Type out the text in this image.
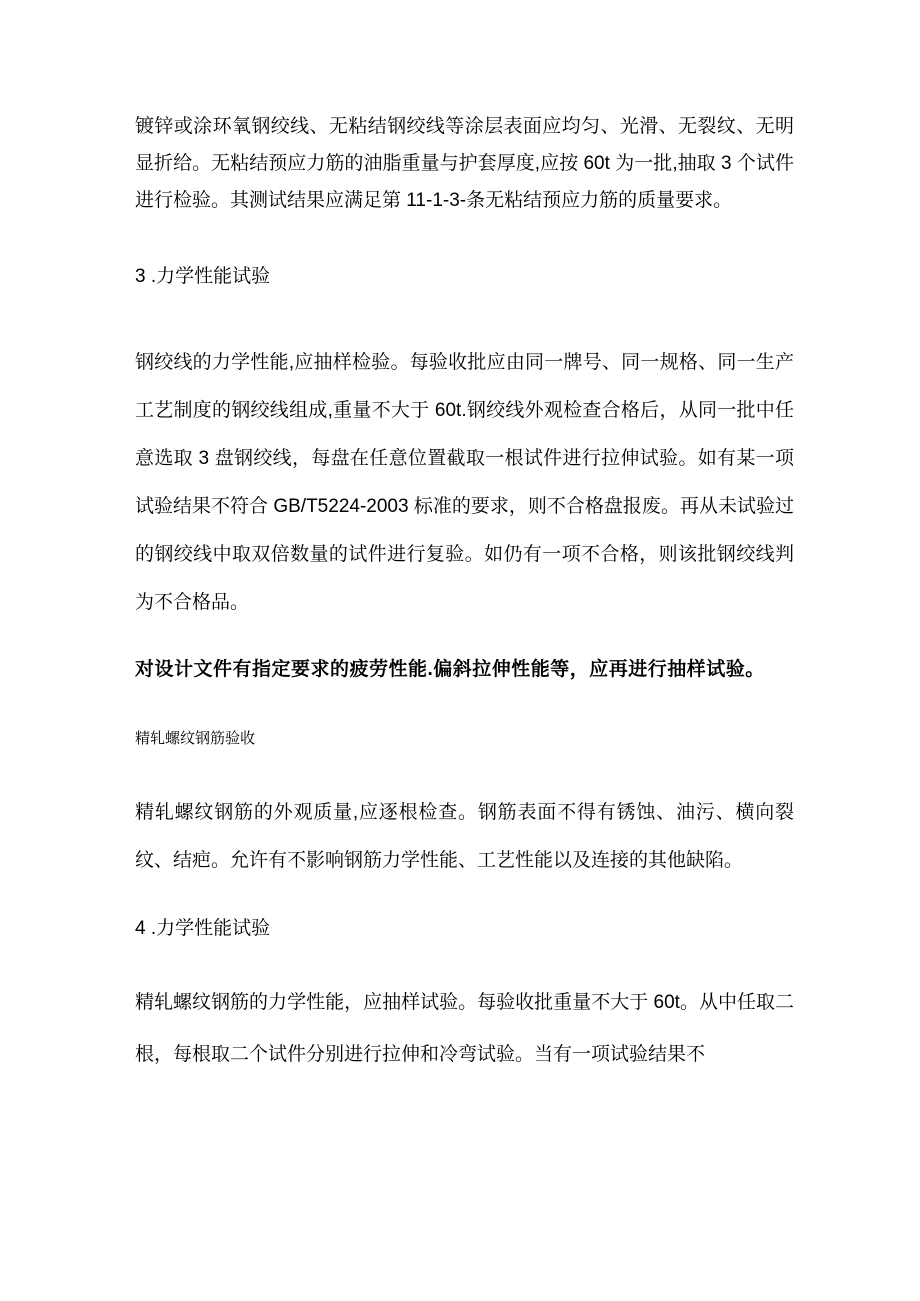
镀锌或涂环氧钢绞线、无粘结钢绞线等涂层表面应均匀、光滑、无裂纹、无明显折给。无粘结预应力筋的油脂重量与护套厚度,应按 60t 为一批,抽取 3 个试件进行检验。其测试结果应满足第 11-1-3-条无粘结预应力筋的质量要求。

3 .力学性能试验

钢绞线的力学性能,应抽样检验。每验收批应由同一牌号、同一规格、同一生产工艺制度的钢绞线组成,重量不大于 60t.钢绞线外观检查合格后，从同一批中任意选取 3 盘钢绞线，每盘在任意位置截取一根试件进行拉伸试验。如有某一项试验结果不符合 GB/T5224-2003 标准的要求，则不合格盘报废。再从未试验过的钢绞线中取双倍数量的试件进行复验。如仍有一项不合格，则该批钢绞线判为不合格品。

对设计文件有指定要求的疲劳性能.偏斜拉伸性能等，应再进行抽样试验。

精轧螺纹钢筋验收

精轧螺纹钢筋的外观质量,应逐根检查。钢筋表面不得有锈蚀、油污、横向裂纹、结疤。允许有不影响钢筋力学性能、工艺性能以及连接的其他缺陷。

4 .力学性能试验

精轧螺纹钢筋的力学性能，应抽样试验。每验收批重量不大于 60t。从中任取二根，每根取二个试件分别进行拉伸和冷弯试验。当有一项试验结果不
